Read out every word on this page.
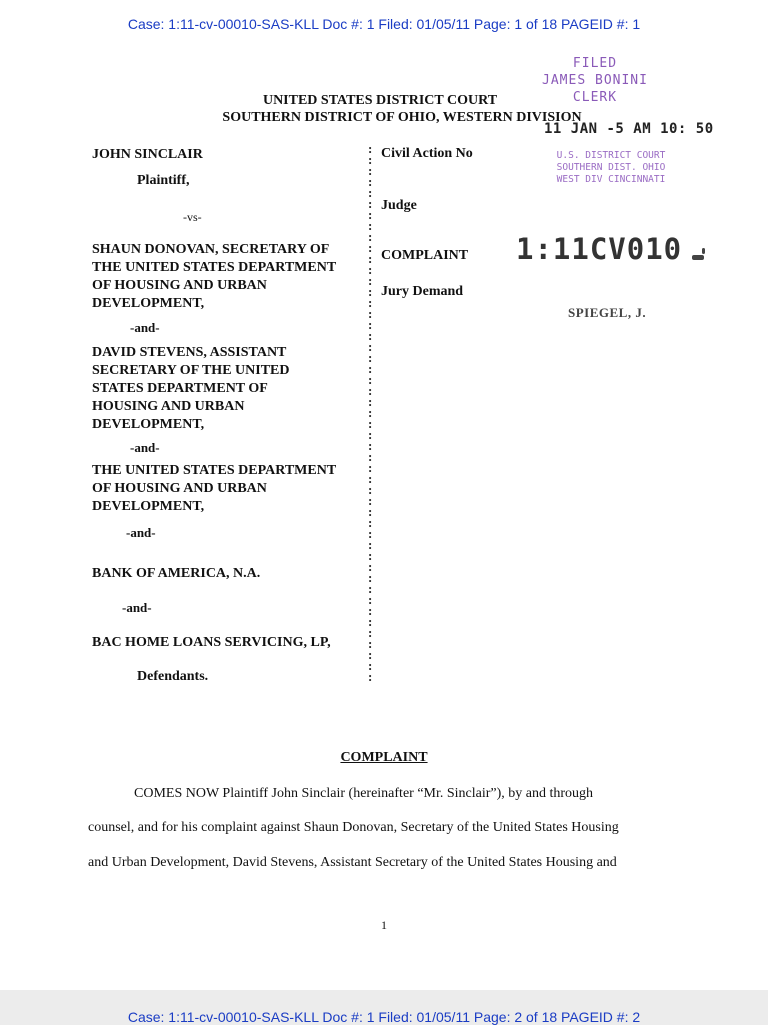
Case: 1:11-cv-00010-SAS-KLL Doc #: 1 Filed: 01/05/11 Page: 1 of 18 PAGEID #: 1
FILED
JAMES BONINI
CLERK
11 JAN -5 AM 10: 50
U.S. DISTRICT COURT
SOUTHERN DIST. OHIO
WEST DIV CINCINNATI
1:11CV010
SPIEGEL, J.
UNITED STATES DISTRICT COURT
SOUTHERN DISTRICT OF OHIO, WESTERN DIVISION
JOHN SINCLAIR
Plaintiff,
-vs-
SHAUN DONOVAN, SECRETARY OF
THE UNITED STATES DEPARTMENT
OF HOUSING AND URBAN
DEVELOPMENT,
-and-
DAVID STEVENS, ASSISTANT
SECRETARY OF THE UNITED
STATES DEPARTMENT OF
HOUSING AND URBAN
DEVELOPMENT,
-and-
THE UNITED STATES DEPARTMENT
OF HOUSING AND URBAN
DEVELOPMENT,
-and-
BANK OF AMERICA, N.A.
-and-
BAC HOME LOANS SERVICING, LP,
Defendants.
:
:
:
:
:
:
:
:
:
:
:
:
:
:
:
:
:
:
:
:
:
:
:
:
:
:
:
:
:
:
:
:
:
:
:
:
:
:
:
:
:
:
:
:
:
:
:
:
:
Civil Action No
Judge
COMPLAINT
Jury Demand
COMPLAINT
COMES NOW Plaintiff John Sinclair (hereinafter “Mr. Sinclair”), by and through
counsel, and for his complaint against Shaun Donovan, Secretary of the United States Housing
and Urban Development, David Stevens, Assistant Secretary of the United States Housing and
1
Case: 1:11-cv-00010-SAS-KLL Doc #: 1 Filed: 01/05/11 Page: 2 of 18 PAGEID #: 2
